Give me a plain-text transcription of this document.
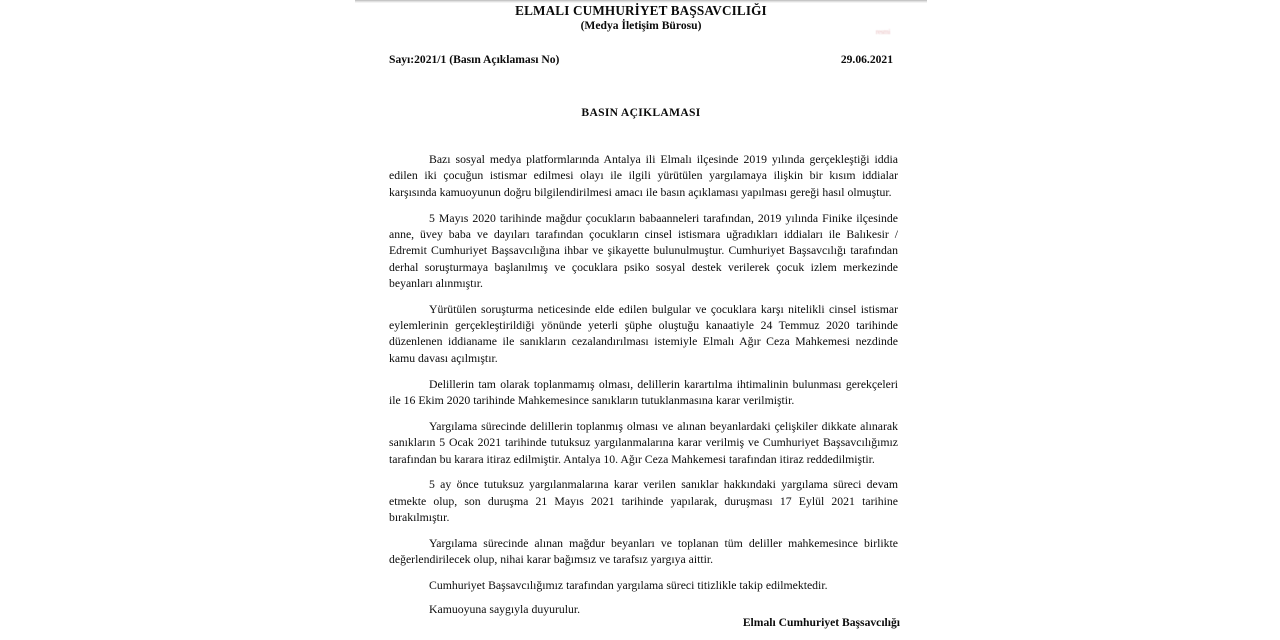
ELMALI CUMHURİYET BAŞSAVCILIĞI
(Medya İletişim Bürosu)	resmi
Sayı:2021/1 (Basın Açıklaması No)	29.06.2021
BASIN AÇIKLAMASI

Bazı sosyal medya platformlarında Antalya ili Elmalı ilçesinde 2019 yılında gerçekleştiği iddia edilen iki çocuğun istismar edilmesi olayı ile ilgili yürütülen yargılamaya ilişkin bir kısım iddialar karşısında kamuoyunun doğru bilgilendirilmesi amacı ile basın açıklaması yapılması gereği hasıl olmuştur.

5 Mayıs 2020 tarihinde mağdur çocukların babaanneleri tarafından, 2019 yılında Finike ilçesinde anne, üvey baba ve dayıları tarafından çocukların cinsel istismara uğradıkları iddiaları ile Balıkesir / Edremit Cumhuriyet Başsavcılığına ihbar ve şikayette bulunulmuştur. Cumhuriyet Başsavcılığı tarafından derhal soruşturmaya başlanılmış ve çocuklara psiko sosyal destek verilerek çocuk izlem merkezinde beyanları alınmıştır.

Yürütülen soruşturma neticesinde elde edilen bulgular ve çocuklara karşı nitelikli cinsel istismar eylemlerinin gerçekleştirildiği yönünde yeterli şüphe oluştuğu kanaatiyle 24 Temmuz 2020 tarihinde düzenlenen iddianame ile sanıkların cezalandırılması istemiyle Elmalı Ağır Ceza Mahkemesi nezdinde kamu davası açılmıştır.

Delillerin tam olarak toplanmamış olması, delillerin karartılma ihtimalinin bulunması gerekçeleri ile 16 Ekim 2020 tarihinde Mahkemesince sanıkların tutuklanmasına karar verilmiştir.

Yargılama sürecinde delillerin toplanmış olması ve alınan beyanlardaki çelişkiler dikkate alınarak sanıkların 5 Ocak 2021 tarihinde tutuksuz yargılanmalarına karar verilmiş ve Cumhuriyet Başsavcılığımız tarafından bu karara itiraz edilmiştir. Antalya 10. Ağır Ceza Mahkemesi tarafından itiraz reddedilmiştir.

5 ay önce tutuksuz yargılanmalarına karar verilen sanıklar hakkındaki yargılama süreci devam etmekte olup, son duruşma 21 Mayıs 2021 tarihinde yapılarak, duruşması 17 Eylül 2021 tarihine bırakılmıştır.

Yargılama sürecinde alınan mağdur beyanları ve toplanan tüm deliller mahkemesince birlikte değerlendirilecek olup, nihai karar bağımsız ve tarafsız yargıya aittir.

Cumhuriyet Başsavcılığımız tarafından yargılama süreci titizlikle takip edilmektedir.

Kamuoyuna saygıyla duyurulur.

Elmalı Cumhuriyet Başsavcılığı
